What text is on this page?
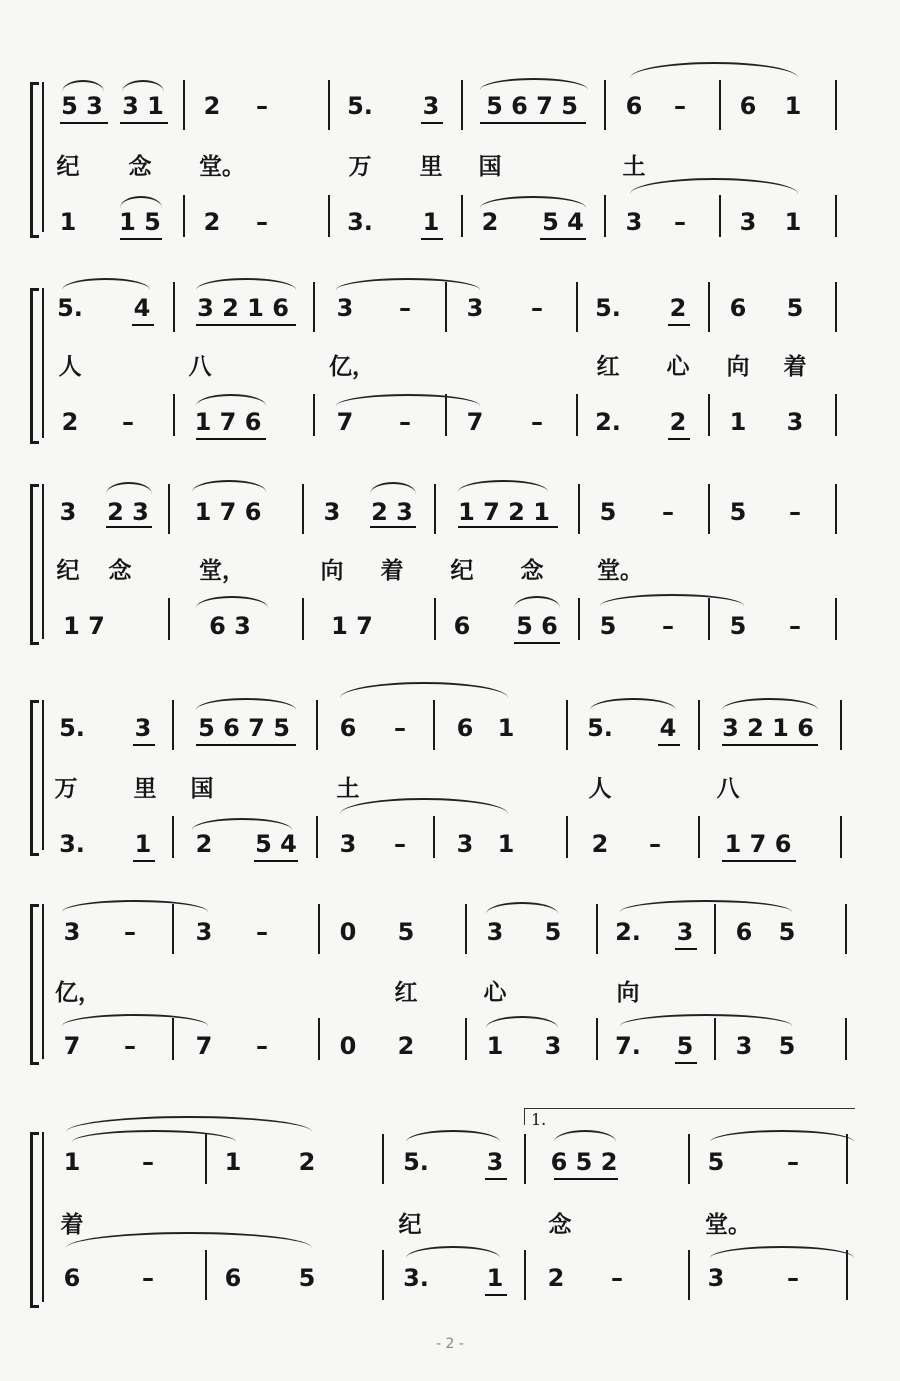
5 3 3 1 2 –	5. 3 5 6 7 5 6 – 6 1
纪 念 堂。	万 里 国	土
1 1 5 2 –	3. 1 2 5 4 3 – 3 1
5. 4 3 2 1 6 3 – 3 – 5. 2 6 5
人	八	亿，	红 心 向 着
2 –	1 7 6	7 – 7 – 2. 2 1 3
3 2 3 1 7 6	3 2 3 1 7 2 1 5 – 5 –
纪 念	堂，	向 着 纪 念 堂。
1 7	6 3	1 7	6 5 6 5 – 5 –
5. 3 5 6 7 5 6 – 6 1	5. 4 3 2 1 6
万 里 国	土	人	八
3. 1 2 5 4 3 – 3 1	2 –	1 7 6
3 – 3 –	0 5	3 5 2. 3 6 5
亿，	红	心	向
7 – 7 –	0 2	1 3 7. 5 3 5
1.
1	–	1 2	5. 3 6 5 2	5	–
着	纪	念	堂。
6	–	6 5	3. 1 2 –	3	–
- 2 -
